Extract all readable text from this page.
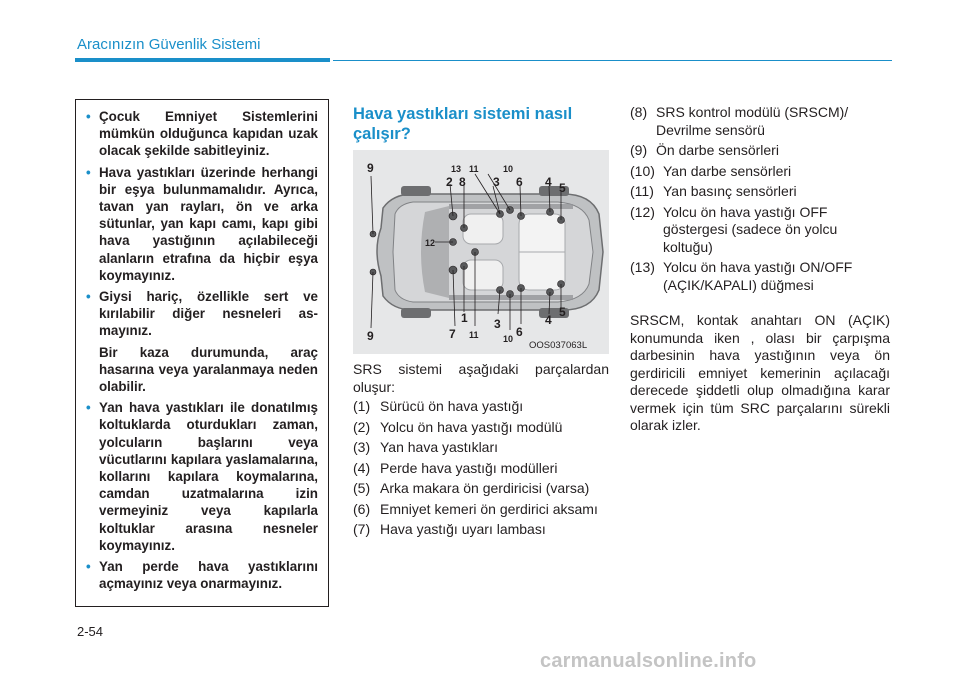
Aracınızın Güvenlik Sistemi
• Çocuk Emniyet Sistemlerini mümkün olduğunca kapıdan uzak olacak şekilde sabitleyiniz.
• Hava yastıkları üzerinde herhangi bir eşya bulunmamalıdır. Ayrıca, tavan yan rayları, ön ve arka sütunlar, yan kapı camı, kapı gibi hava yastığının açılabileceği alanların etrafına da hiçbir eşya koymayınız.
• Giysi hariç, özellikle sert ve kırılabilir diğer nesneleri asmayınız.

Bir kaza durumunda, araç hasarına veya yaralanmaya neden olabilir.

• Yan hava yastıkları ile donatılmış koltuklarda oturdukları zaman, yolcuların başlarını veya vücutlarını kapılara yaslamalarına, kollarını kapılara koymalarına, camdan uzatmalarına izin vermeyiniz veya kapılarla koltuklar arasına nesneler koymayınız.
• Yan perde hava yastıklarını açmayınız veya onarmayınız.
Hava yastıkları sistemi nasıl çalışır?
9	13 11	10
2 8 3 6 4 5
12
1
9	7 11
3
10 6
4
5
OOS037063L
SRS sistemi aşağıdaki parçalardan oluşur:
(1) Sürücü ön hava yastığı
(2) Yolcu ön hava yastığı modülü
(3) Yan hava yastıkları
(4) Perde hava yastığı modülleri
(5) Arka makara ön gerdiricisi (varsa)
(6) Emniyet kemeri ön gerdirici aksamı
(7) Hava yastığı uyarı lambası
(8) SRS kontrol modülü (SRSCM)/ Devrilme sensörü
(9) Ön darbe sensörleri
(10) Yan darbe sensörleri
(11) Yan basınç sensörleri
(12) Yolcu ön hava yastığı OFF göstergesi (sadece ön yolcu koltuğu)
(13) Yolcu ön hava yastığı ON/OFF (AÇIK/KAPALI) düğmesi
SRSCM, kontak anahtarı ON (AÇIK) konumunda iken , olası bir çarpışma darbesinin hava yastığının veya ön gerdiricili emniyet kemerinin açılacağı derecede şiddetli olup olmadığına karar vermek için tüm SRC parçalarını sürekli olarak izler.
2-54
carmanualsonline.info
